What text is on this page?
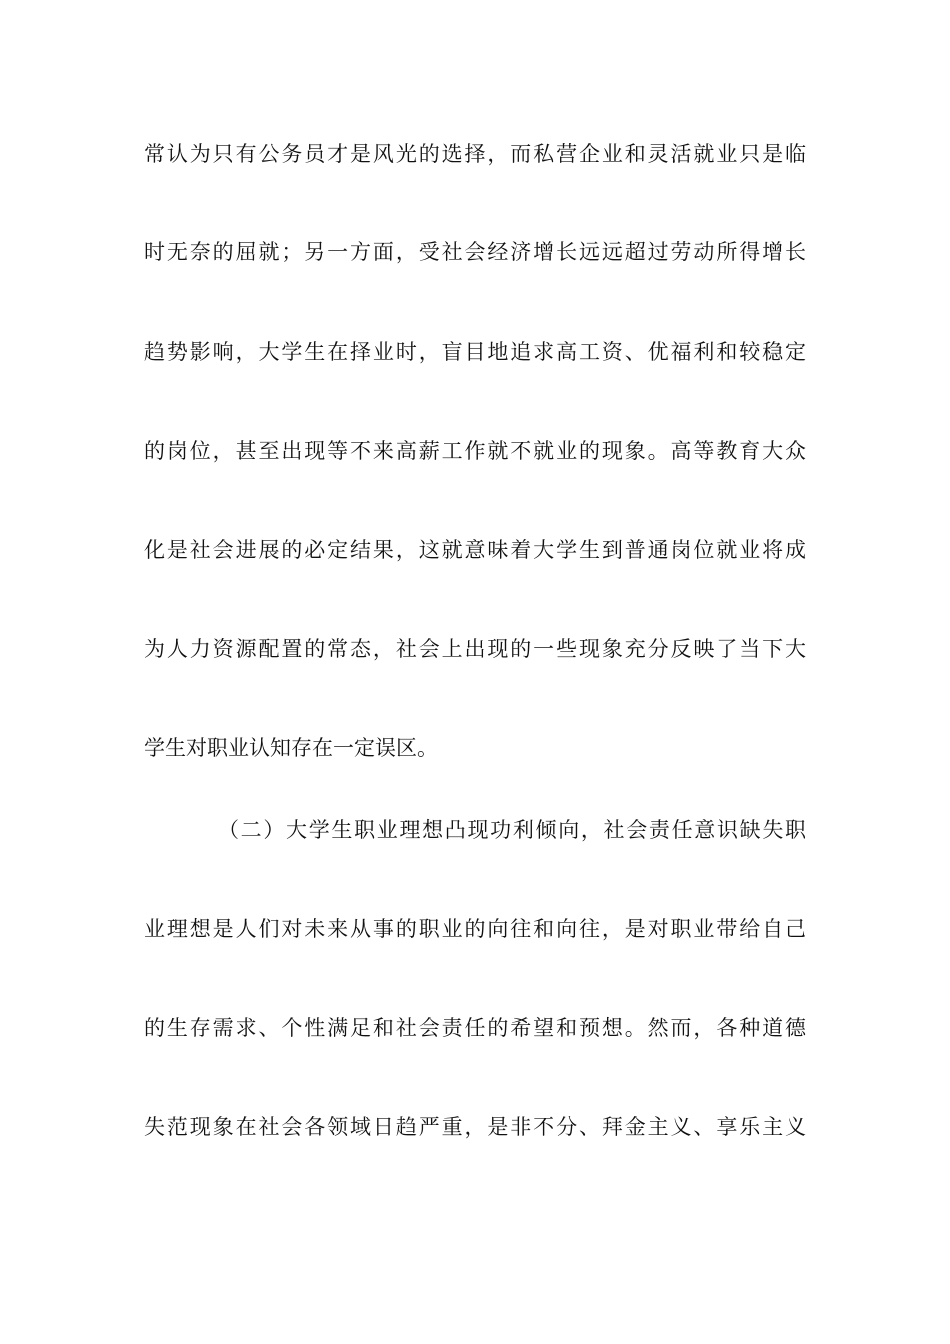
常认为只有公务员才是风光的选择，而私营企业和灵活就业只是临
时无奈的屈就；另一方面，受社会经济增长远远超过劳动所得增长
趋势影响，大学生在择业时，盲目地追求高工资、优福利和较稳定
的岗位，甚至出现等不来高薪工作就不就业的现象。高等教育大众
化是社会进展的必定结果，这就意味着大学生到普通岗位就业将成
为人力资源配置的常态，社会上出现的一些现象充分反映了当下大
学生对职业认知存在一定误区。
（二）大学生职业理想凸现功利倾向，社会责任意识缺失职
业理想是人们对未来从事的职业的向往和向往，是对职业带给自己
的生存需求、个性满足和社会责任的希望和预想。然而，各种道德
失范现象在社会各领域日趋严重，是非不分、拜金主义、享乐主义
